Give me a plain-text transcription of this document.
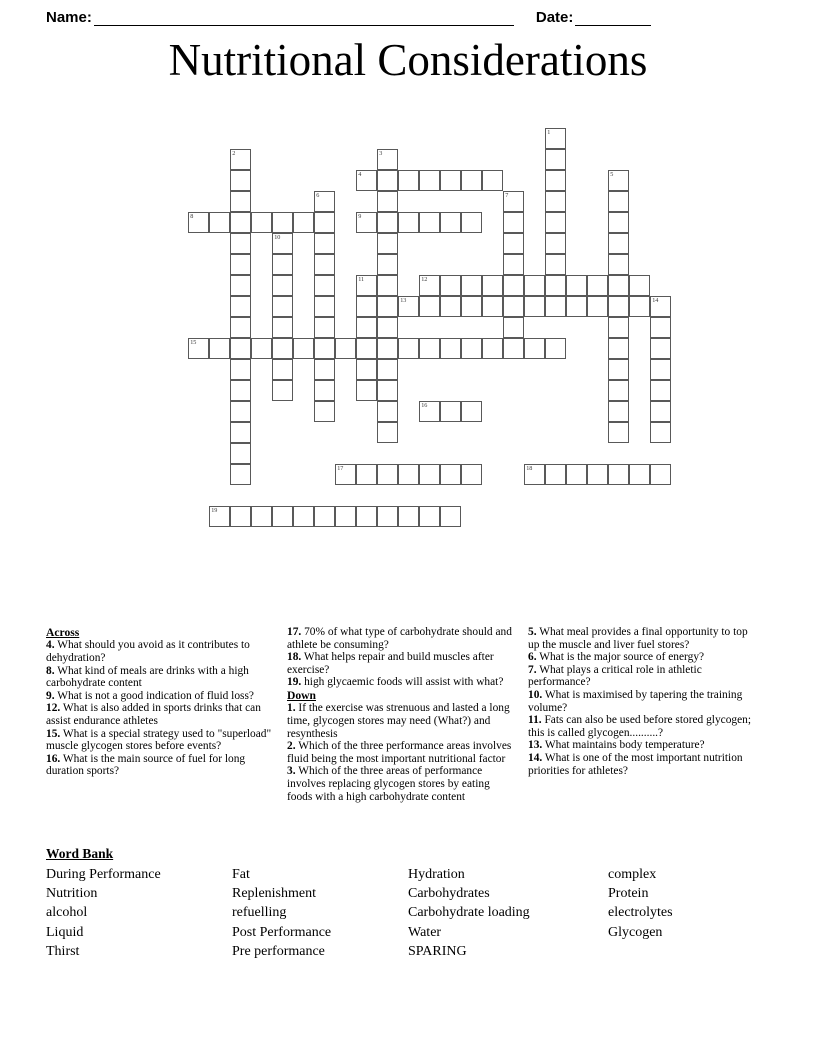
Name:	Date:
Nutritional Considerations
1
2	3
4	5
6	7
8	9
10
11	12
13	14
15
16
17	18
19
Across
4. What should you avoid as it contributes to dehydration?
8. What kind of meals are drinks with a high carbohydrate content
9. What is not a good indication of fluid loss?
12. What is also added in sports drinks that can assist endurance athletes
15. What is a special strategy used to "superload" muscle glycogen stores before events?
16. What is the main source of fuel for long duration sports?
17. 70% of what type of carbohydrate should and athlete be consuming?
18. What helps repair and build muscles after exercise?
19. high glycaemic foods will assist with what?
Down
1. If the exercise was strenuous and lasted a long time, glycogen stores may need (What?) and resynthesis
2. Which of the three performance areas involves fluid being the most important nutritional factor
3. Which of the three areas of performance involves replacing glycogen stores by eating foods with a high carbohydrate content
5. What meal provides a final opportunity to top up the muscle and liver fuel stores?
6. What is the major source of energy?
7. What plays a critical role in athletic performance?
10. What is maximised by tapering the training volume?
11. Fats can also be used before stored glycogen; this is called glycogen..........?
13. What maintains body temperature?
14. What is one of the most important nutrition priorities for athletes?
Word Bank
During Performance	Fat	Hydration	complex
Nutrition	Replenishment	Carbohydrates	Protein
alcohol	refuelling	Carbohydrate loading	electrolytes
Liquid	Post Performance	Water	Glycogen
Thirst	Pre performance	SPARING
